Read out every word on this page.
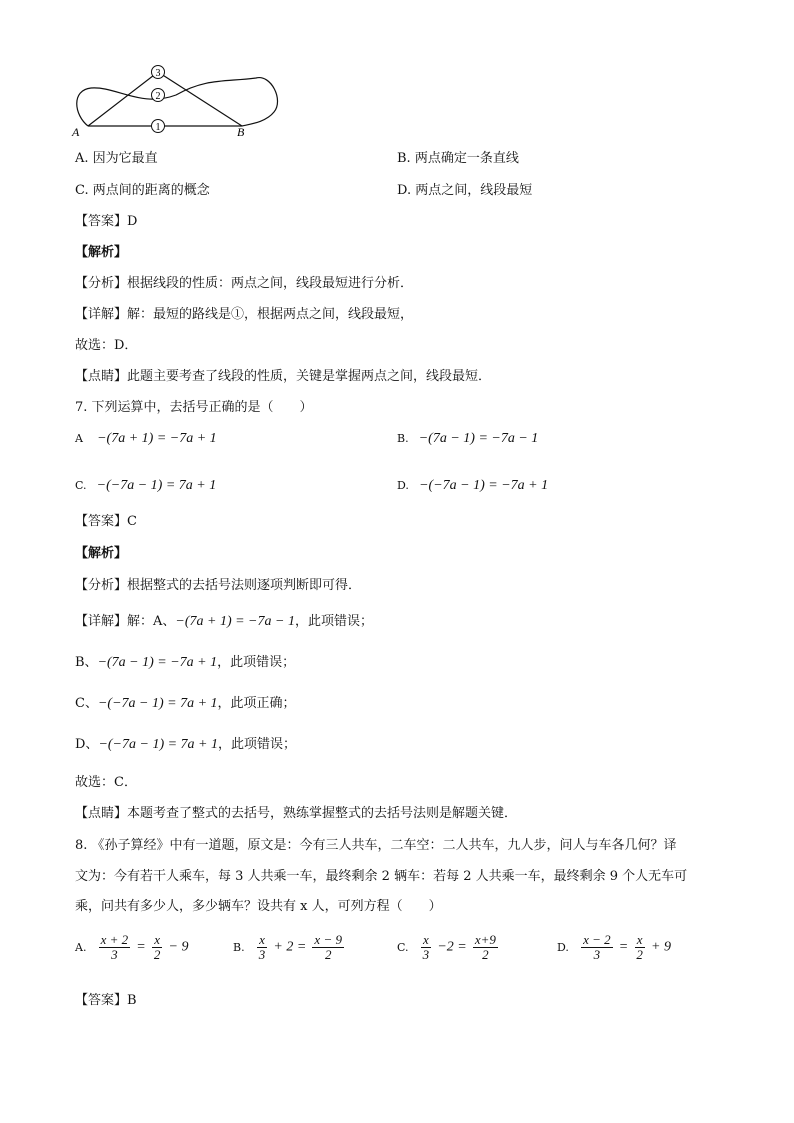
3
2
1
A	B
A. 因为它最直	B. 两点确定一条直线
C. 两点间的距离的概念	D. 两点之间，线段最短
【答案】D
【解析】
【分析】根据线段的性质：两点之间，线段最短进行分析．
【详解】解：最短的路线是①，根据两点之间，线段最短，
故选：D．
【点睛】此题主要考查了线段的性质，关键是掌握两点之间，线段最短．
7. 下列运算中，去括号正确的是（　　）
A −(7a + 1) = −7a + 1	B. −(7a − 1) = −7a − 1
C. −(−7a − 1) = 7a + 1	D. −(−7a − 1) = −7a + 1
【答案】C
【解析】
【分析】根据整式的去括号法则逐项判断即可得．
【详解】解：A、−(7a + 1) = −7a − 1，此项错误；
B、−(7a − 1) = −7a + 1，此项错误；
C、−(−7a − 1) = 7a + 1，此项正确；
D、−(−7a − 1) = 7a + 1，此项错误；
故选：C．
【点睛】本题考查了整式的去括号，熟练掌握整式的去括号法则是解题关键．
8. 《孙子算经》中有一道题，原文是：今有三人共车，二车空：二人共车，九人步，问人与车各几何？译
文为：今有若干人乘车，每 3 人共乘一车，最终剩余 2 辆车：若每 2 人共乘一车，最终剩余 9 个人无车可
乘，问共有多少人，多少辆车？设共有 x 人，可列方程（　　）
A. $\frac{x + 2}{3} = \frac{x}{2} - 9$	B. $\frac{x}{3} + 2 = \frac{x - 9}{2}$	C. $\frac{x}{3} -2 = \frac{x+9}{2}$	D. $\frac{x - 2}{3} = \frac{x}{2} + 9$
【答案】B
